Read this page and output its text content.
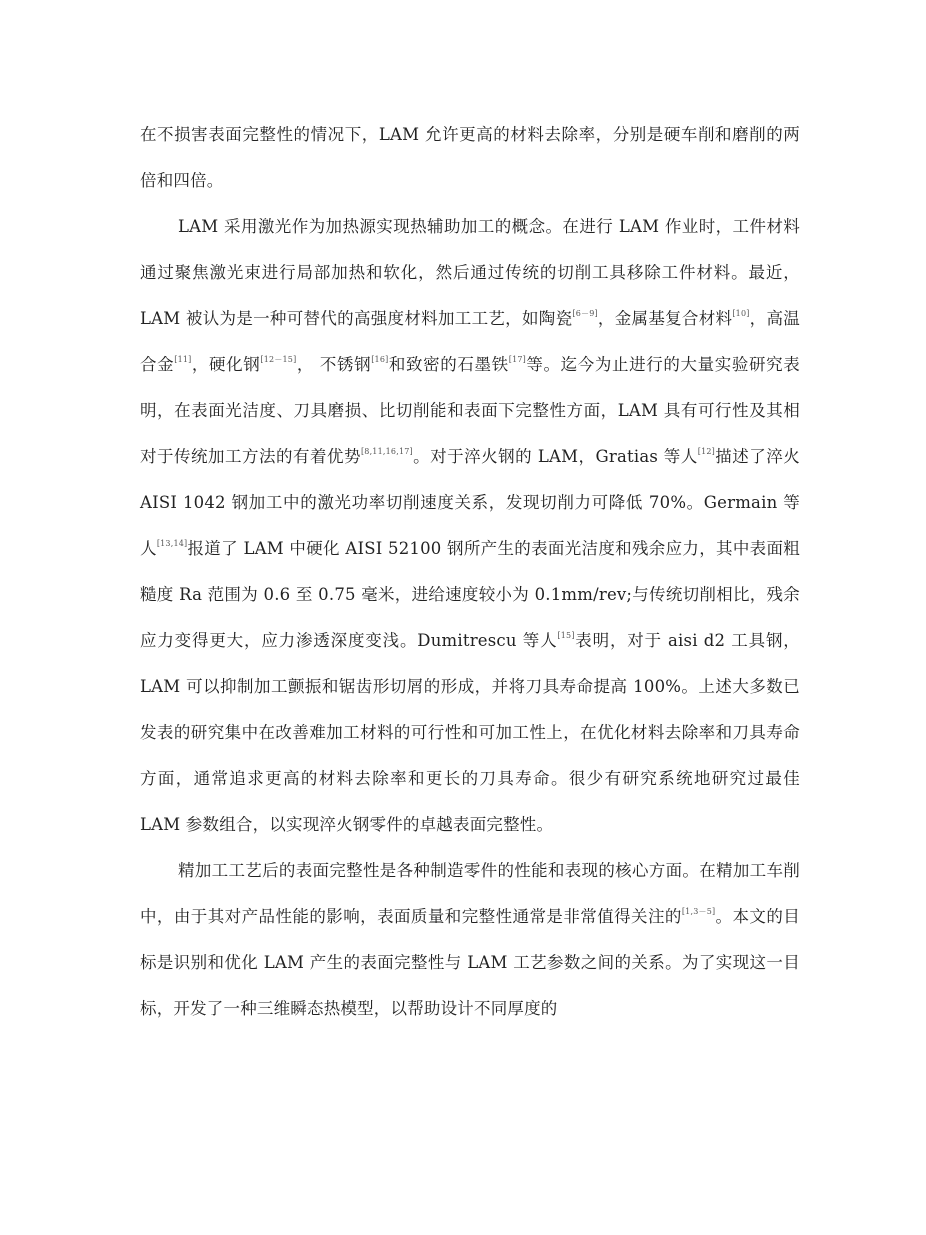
在不损害表面完整性的情况下，LAM 允许更高的材料去除率，分别是硬车削和磨削的两倍和四倍。

LAM 采用激光作为加热源实现热辅助加工的概念。在进行 LAM 作业时，工件材料通过聚焦激光束进行局部加热和软化，然后通过传统的切削工具移除工件材料。最近，LAM 被认为是一种可替代的高强度材料加工工艺，如陶瓷[6－9]，金属基复合材料[10]，高温合金[11]，硬化钢[12－15]， 不锈钢[16]和致密的石墨铁[17]等。迄今为止进行的大量实验研究表明，在表面光洁度、刀具磨损、比切削能和表面下完整性方面，LAM 具有可行性及其相对于传统加工方法的有着优势[8,11,16,17]。对于淬火钢的 LAM，Gratias 等人[12]描述了淬火 AISI 1042 钢加工中的激光功率切削速度关系，发现切削力可降低 70%。Germain 等人[13,14]报道了 LAM 中硬化 AISI 52100 钢所产生的表面光洁度和残余应力，其中表面粗糙度 Ra 范围为 0.6 至 0.75 毫米，进给速度较小为 0.1mm/rev;与传统切削相比，残余应力变得更大，应力渗透深度变浅。Dumitrescu 等人[15]表明，对于 aisi d2 工具钢，LAM 可以抑制加工颤振和锯齿形切屑的形成，并将刀具寿命提高 100%。上述大多数已发表的研究集中在改善难加工材料的可行性和可加工性上，在优化材料去除率和刀具寿命方面，通常追求更高的材料去除率和更长的刀具寿命。很少有研究系统地研究过最佳 LAM 参数组合，以实现淬火钢零件的卓越表面完整性。

精加工工艺后的表面完整性是各种制造零件的性能和表现的核心方面。在精加工车削中，由于其对产品性能的影响，表面质量和完整性通常是非常值得关注的[1,3－5]。本文的目标是识别和优化 LAM 产生的表面完整性与 LAM 工艺参数之间的关系。为了实现这一目标，开发了一种三维瞬态热模型，以帮助设计不同厚度的
